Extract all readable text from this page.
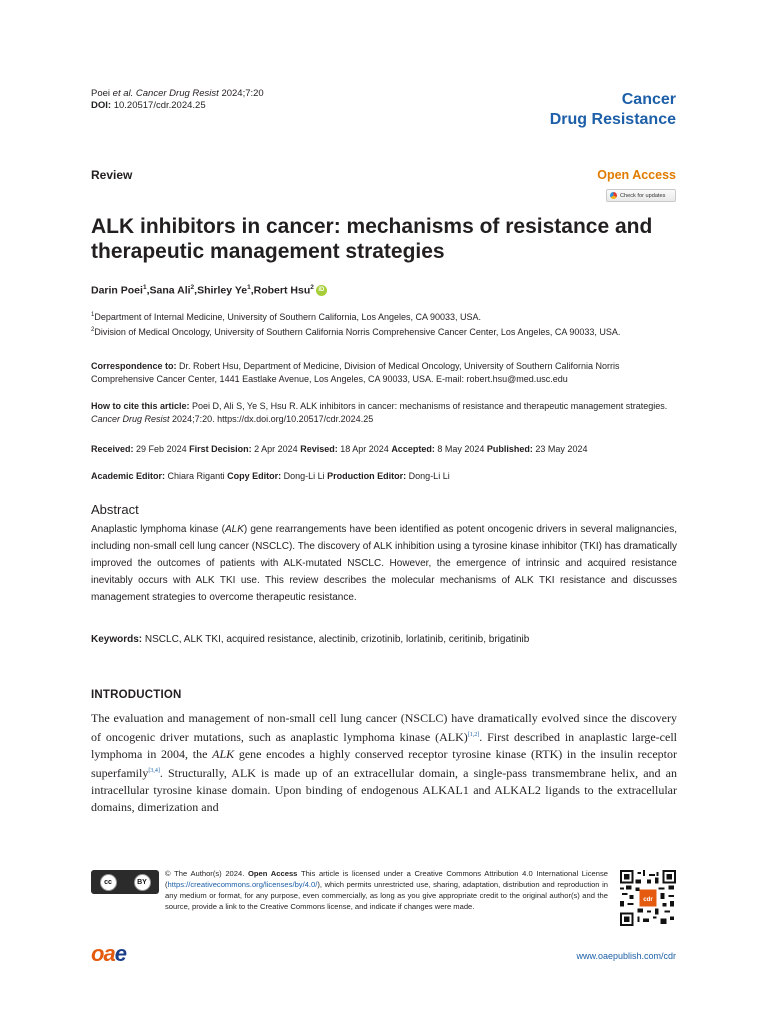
Poei et al. Cancer Drug Resist 2024;7:20
DOI: 10.20517/cdr.2024.25	Cancer
Drug Resistance
Review	Open Access
Check for updates
ALK inhibitors in cancer: mechanisms of resistance and therapeutic management strategies
Darin Poei$^1$, Sana Ali$^2$, Shirley Ye$^1$, Robert Hsu$^2$ iD
$^1$Department of Internal Medicine, University of Southern California, Los Angeles, CA 90033, USA.
$^2$Division of Medical Oncology, University of Southern California Norris Comprehensive Cancer Center, Los Angeles, CA 90033, USA.
Correspondence to: Dr. Robert Hsu, Department of Medicine, Division of Medical Oncology, University of Southern California Norris Comprehensive Cancer Center, 1441 Eastlake Avenue, Los Angeles, CA 90033, USA. E-mail: robert.hsu@med.usc.edu
How to cite this article: Poei D, Ali S, Ye S, Hsu R. ALK inhibitors in cancer: mechanisms of resistance and therapeutic management strategies. Cancer Drug Resist 2024;7:20. https://dx.doi.org/10.20517/cdr.2024.25
Received: 29 Feb 2024 First Decision: 2 Apr 2024 Revised: 18 Apr 2024 Accepted: 8 May 2024 Published: 23 May 2024
Academic Editor: Chiara Riganti Copy Editor: Dong-Li Li Production Editor: Dong-Li Li
Abstract
Anaplastic lymphoma kinase (ALK) gene rearrangements have been identified as potent oncogenic drivers in several malignancies, including non-small cell lung cancer (NSCLC). The discovery of ALK inhibition using a tyrosine kinase inhibitor (TKI) has dramatically improved the outcomes of patients with ALK-mutated NSCLC. However, the emergence of intrinsic and acquired resistance inevitably occurs with ALK TKI use. This review describes the molecular mechanisms of ALK TKI resistance and discusses management strategies to overcome therapeutic resistance.
Keywords: NSCLC, ALK TKI, acquired resistance, alectinib, crizotinib, lorlatinib, ceritinib, brigatinib
INTRODUCTION
The evaluation and management of non-small cell lung cancer (NSCLC) have dramatically evolved since the discovery of oncogenic driver mutations, such as anaplastic lymphoma kinase (ALK)[1,2]. First described in anaplastic large-cell lymphoma in 2004, the ALK gene encodes a highly conserved receptor tyrosine kinase (RTK) in the insulin receptor superfamily[3,4]. Structurally, ALK is made up of an extracellular domain, a single-pass transmembrane helix, and an intracellular tyrosine kinase domain. Upon binding of endogenous ALKAL1 and ALKAL2 ligands to the extracellular domains, dimerization and
cc	BY
© The Author(s) 2024. Open Access This article is licensed under a Creative Commons Attribution 4.0 International License (https://creativecommons.org/licenses/by/4.0/), which permits unrestricted use, sharing, adaptation, distribution and reproduction in any medium or format, for any purpose, even commercially, as long as you give appropriate credit to the original author(s) and the source, provide a link to the Creative Commons license, and indicate if changes were made.
cdr
oae	www.oaepublish.com/cdr
